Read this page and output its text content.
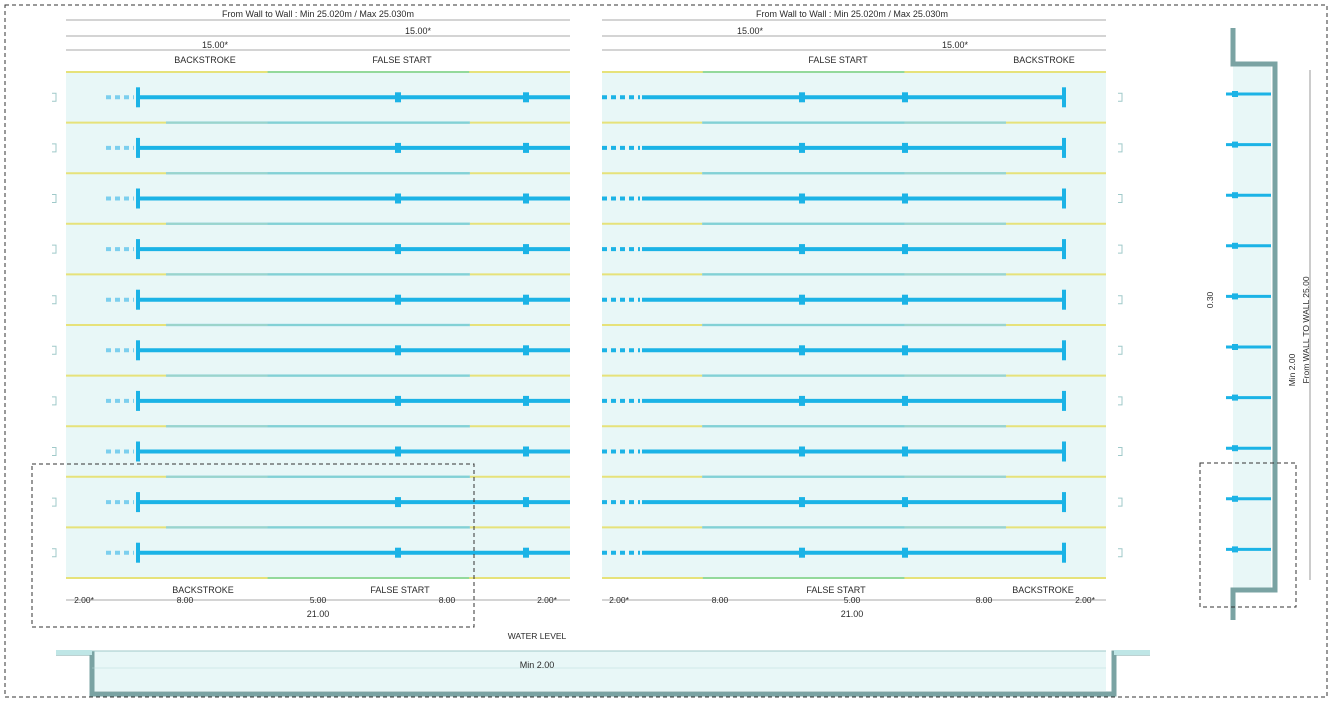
From Wall to Wall : Min 25.020m / Max 25.030m
15.00*
15.00*
BACKSTROKE	FALSE START
BACKSTROKE	FALSE START
2.00*	8.00	5.00	8.00	2.00*
21.00
From Wall to Wall : Min 25.020m / Max 25.030m
15.00*
15.00*
FALSE START	BACKSTROKE
FALSE START	BACKSTROKE
2.00*	8.00	5.00	8.00	2.00*
21.00
WATER LEVEL
Min 2.00
0.30
Min 2.00 From WALL TO WALL 25.00
